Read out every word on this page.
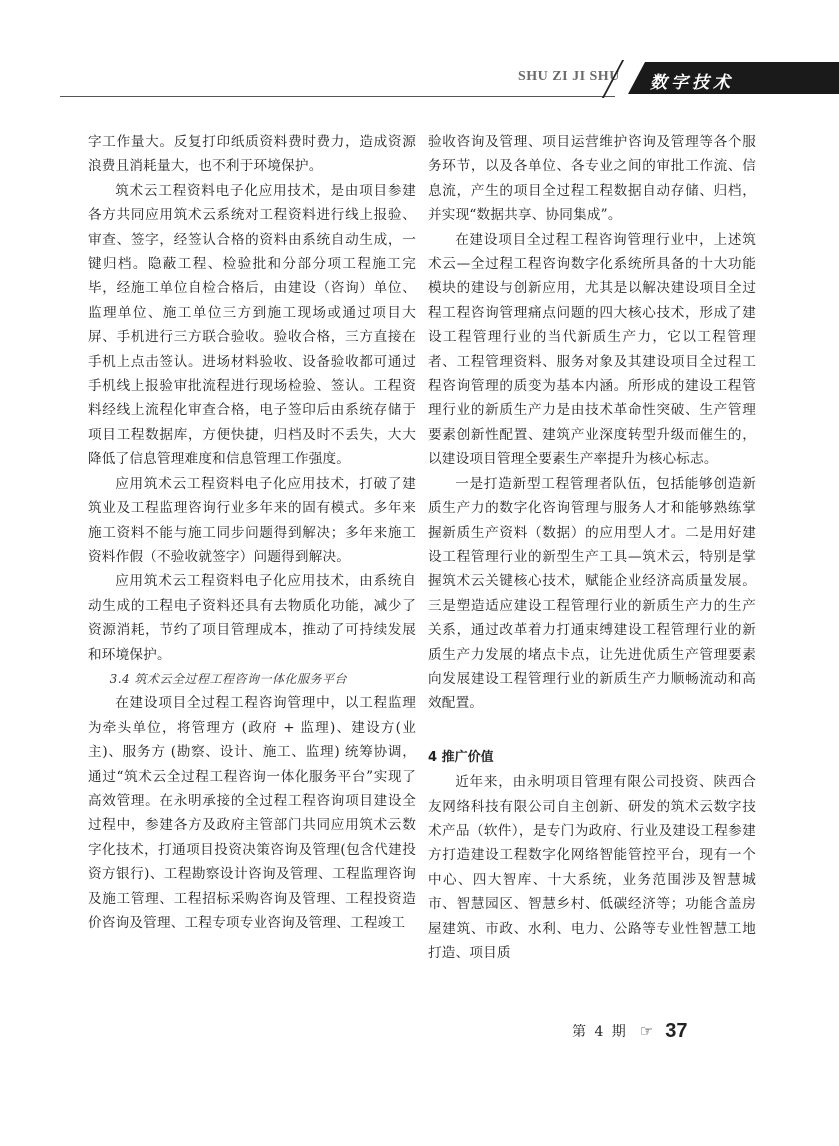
SHU ZI JI SHU 数字技术

字工作量大。反复打印纸质资料费时费力，造成资源浪费且消耗量大，也不利于环境保护。

筑术云工程资料电子化应用技术，是由项目参建各方共同应用筑术云系统对工程资料进行线上报验、审查、签字，经签认合格的资料由系统自动生成，一键归档。隐蔽工程、检验批和分部分项工程施工完毕，经施工单位自检合格后，由建设（咨询）单位、监理单位、施工单位三方到施工现场或通过项目大屏、手机进行三方联合验收。验收合格，三方直接在手机上点击签认。进场材料验收、设备验收都可通过手机线上报验审批流程进行现场检验、签认。工程资料经线上流程化审查合格，电子签印后由系统存储于项目工程数据库，方便快捷，归档及时不丢失，大大降低了信息管理难度和信息管理工作强度。

应用筑术云工程资料电子化应用技术，打破了建筑业及工程监理咨询行业多年来的固有模式。多年来施工资料不能与施工同步问题得到解决；多年来施工资料作假（不验收就签字）问题得到解决。

应用筑术云工程资料电子化应用技术，由系统自动生成的工程电子资料还具有去物质化功能，减少了资源消耗，节约了项目管理成本，推动了可持续发展和环境保护。

3.4 筑术云全过程工程咨询一体化服务平台

在建设项目全过程工程咨询管理中，以工程监理为牵头单位，将管理方 (政府 + 监理)、建设方(业主)、服务方 (勘察、设计、施工、监理) 统筹协调，通过“筑术云全过程工程咨询一体化服务平台”实现了高效管理。在永明承接的全过程工程咨询项目建设全过程中，参建各方及政府主管部门共同应用筑术云数字化技术，打通项目投资决策咨询及管理(包含代建投资方银行)、工程勘察设计咨询及管理、工程监理咨询及施工管理、工程招标采购咨询及管理、工程投资造价咨询及管理、工程专项专业咨询及管理、工程竣工

验收咨询及管理、项目运营维护咨询及管理等各个服务环节，以及各单位、各专业之间的审批工作流、信息流，产生的项目全过程工程数据自动存储、归档，并实现“数据共享、协同集成”。

在建设项目全过程工程咨询管理行业中，上述筑术云—全过程工程咨询数字化系统所具备的十大功能模块的建设与创新应用，尤其是以解决建设项目全过程工程咨询管理痛点问题的四大核心技术，形成了建设工程管理行业的当代新质生产力，它以工程管理者、工程管理资料、服务对象及其建设项目全过程工程咨询管理的质变为基本内涵。所形成的建设工程管理行业的新质生产力是由技术革命性突破、生产管理要素创新性配置、建筑产业深度转型升级而催生的，以建设项目管理全要素生产率提升为核心标志。

一是打造新型工程管理者队伍，包括能够创造新质生产力的数字化咨询管理与服务人才和能够熟练掌握新质生产资料（数据）的应用型人才。二是用好建设工程管理行业的新型生产工具—筑术云，特别是掌握筑术云关键核心技术，赋能企业经济高质量发展。三是塑造适应建设工程管理行业的新质生产力的生产关系，通过改革着力打通束缚建设工程管理行业的新质生产力发展的堵点卡点，让先进优质生产管理要素向发展建设工程管理行业的新质生产力顺畅流动和高效配置。

4 推广价值

近年来，由永明项目管理有限公司投资、陕西合友网络科技有限公司自主创新、研发的筑术云数字技术产品（软件），是专门为政府、行业及建设工程参建方打造建设工程数字化网络智能管控平台，现有一个中心、四大智库、十大系统，业务范围涉及智慧城市、智慧园区、智慧乡村、低碳经济等；功能含盖房屋建筑、市政、水利、电力、公路等专业性智慧工地打造、项目质

第 4 期 ☞ 37
